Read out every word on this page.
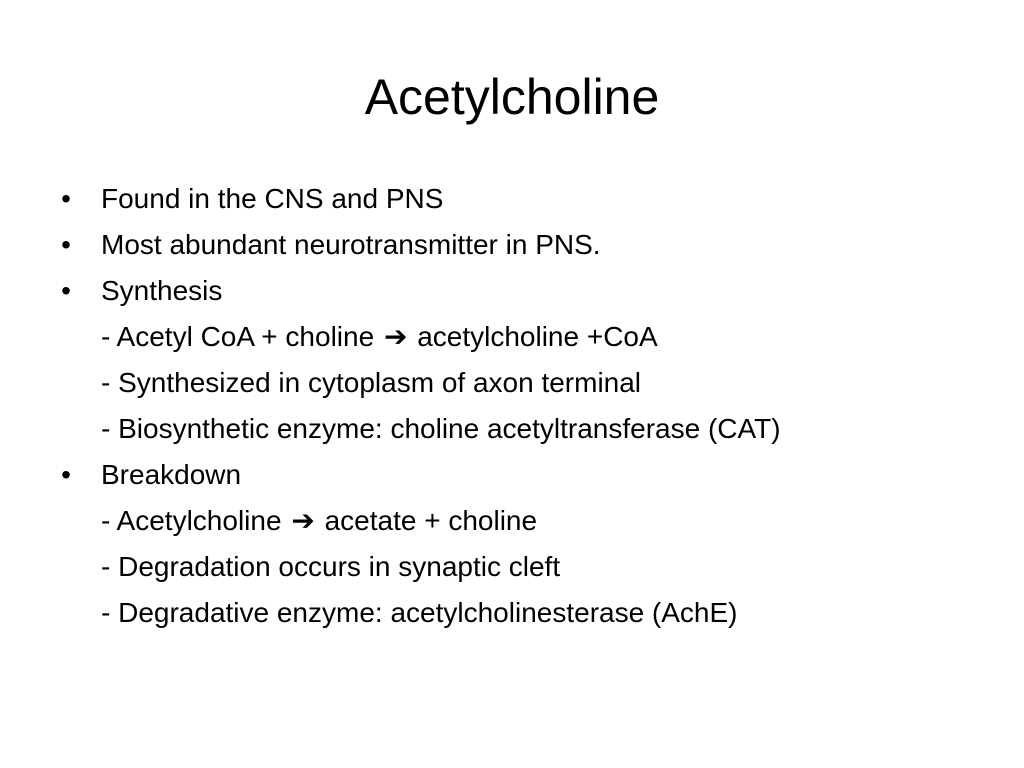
Acetylcholine
• Found in the CNS and PNS
• Most abundant neurotransmitter in PNS.
• Synthesis
- Acetyl CoA + choline ➔ acetylcholine +CoA
- Synthesized in cytoplasm of axon terminal
- Biosynthetic enzyme: choline acetyltransferase (CAT)
• Breakdown
- Acetylcholine ➔ acetate + choline
- Degradation occurs in synaptic cleft
- Degradative enzyme: acetylcholinesterase (AchE)
